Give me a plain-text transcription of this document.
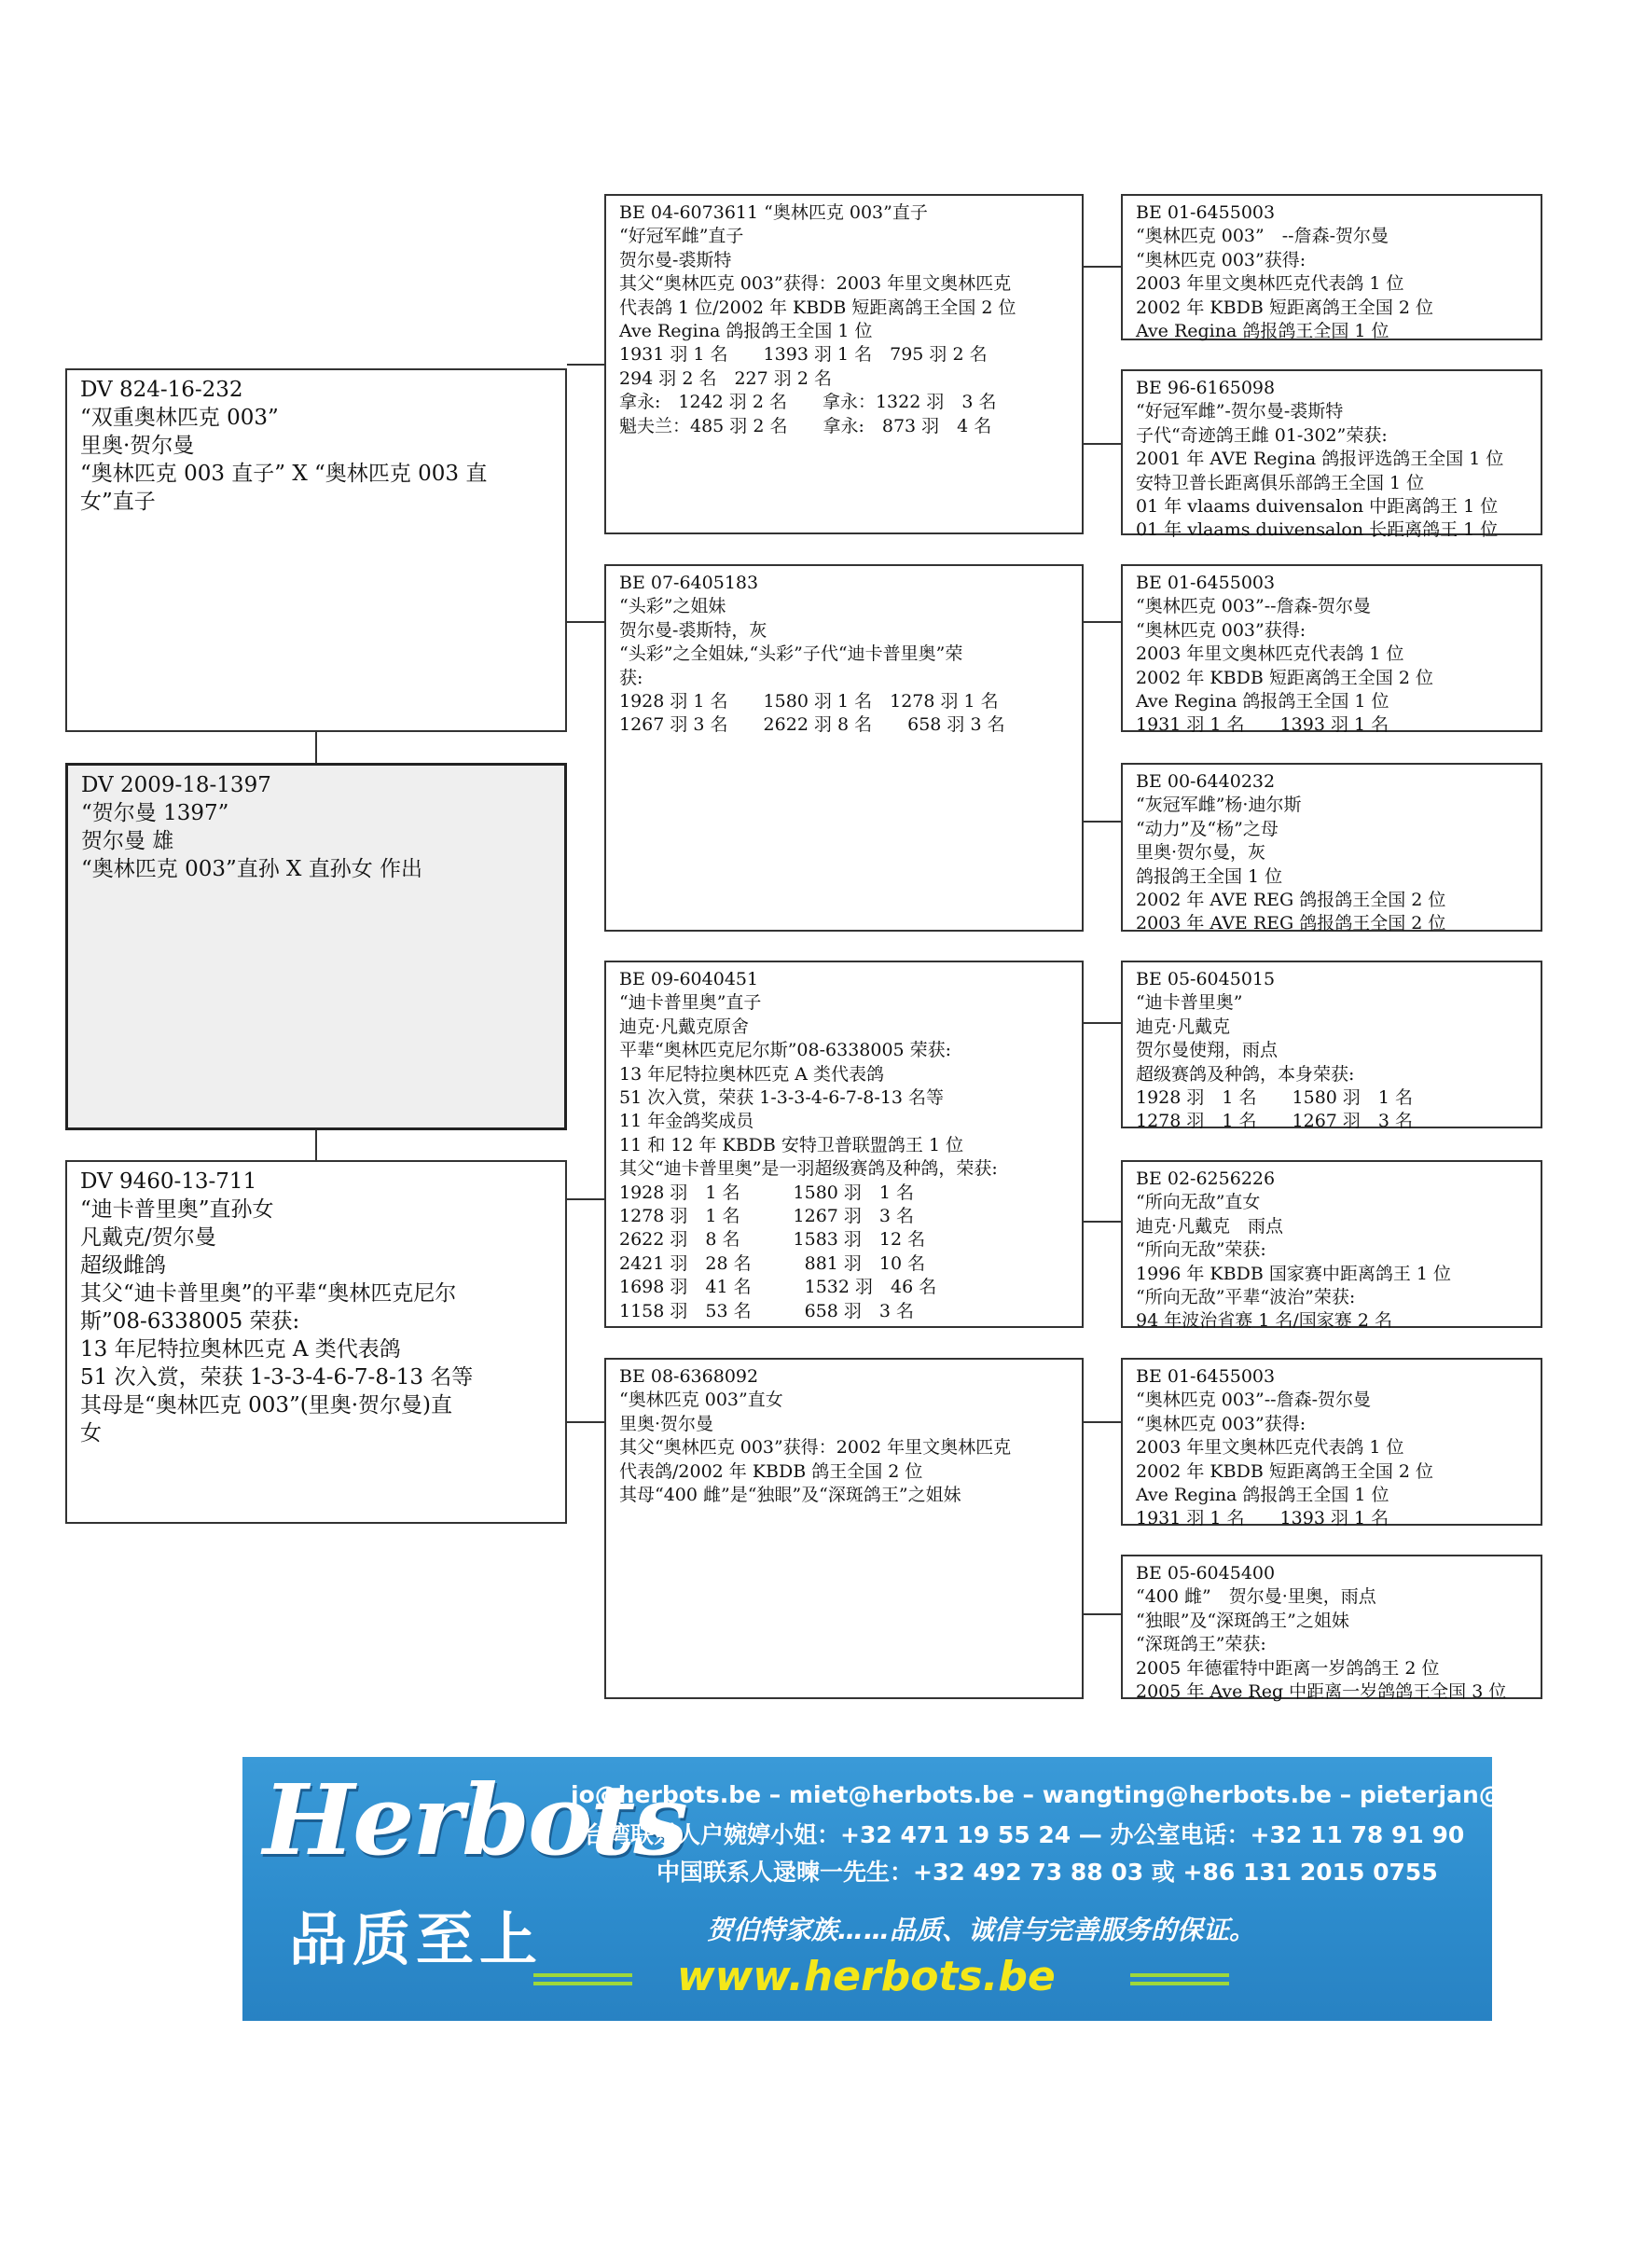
DV 824-16-232
“双重奥林匹克 003”
里奥·贺尔曼
“奥林匹克 003 直子” X “奥林匹克 003 直
女”直子
DV 2009-18-1397
“贺尔曼 1397”
贺尔曼 雄
“奥林匹克 003”直孙 X 直孙女 作出
DV 9460-13-711
“迪卡普里奥”直孙女
凡戴克/贺尔曼
超级雌鸽
其父“迪卡普里奥”的平辈“奥林匹克尼尔
斯”08-6338005 荣获:
13 年尼特拉奥林匹克 A 类代表鸽
51 次入赏，荣获 1-3-3-4-6-7-8-13 名等
其母是“奥林匹克 003”(里奥·贺尔曼)直
女
BE 04-6073611 “奥林匹克 003”直子
“好冠军雌”直子
贺尔曼-裘斯特
其父“奥林匹克 003”获得：2003 年里文奥林匹克
代表鸽 1 位/2002 年 KBDB 短距离鸽王全国 2 位
Ave Regina 鸽报鸽王全国 1 位
1931 羽 1 名　　1393 羽 1 名　795 羽 2 名
294 羽 2 名　227 羽 2 名
拿永:　1242 羽 2 名　　拿永：1322 羽　3 名
魁夫兰：485 羽 2 名　　拿永:　873 羽　4 名
BE 07-6405183
“头彩”之姐妹
贺尔曼-裘斯特，灰
“头彩”之全姐妹,“头彩”子代“迪卡普里奥”荣
获:
1928 羽 1 名　　1580 羽 1 名　1278 羽 1 名
1267 羽 3 名　　2622 羽 8 名　　658 羽 3 名
BE 09-6040451
“迪卡普里奥”直子
迪克·凡戴克原舍
平辈“奥林匹克尼尔斯”08-6338005 荣获:
13 年尼特拉奥林匹克 A 类代表鸽
51 次入赏，荣获 1-3-3-4-6-7-8-13 名等
11 年金鸽奖成员
11 和 12 年 KBDB 安特卫普联盟鸽王 1 位
其父“迪卡普里奥”是一羽超级赛鸽及种鸽，荣获:
1928 羽　1 名　　　1580 羽　1 名
1278 羽　1 名　　　1267 羽　3 名
2622 羽　8 名　　　1583 羽　12 名
2421 羽　28 名　　　881 羽　10 名
1698 羽　41 名　　　1532 羽　46 名
1158 羽　53 名　　　658 羽　3 名
BE 08-6368092
“奥林匹克 003”直女
里奥·贺尔曼
其父“奥林匹克 003”获得：2002 年里文奥林匹克
代表鸽/2002 年 KBDB 鸽王全国 2 位
其母“400 雌”是“独眼”及“深斑鸽王”之姐妹
BE 01-6455003
“奥林匹克 003”　--詹森-贺尔曼
“奥林匹克 003”获得:
2003 年里文奥林匹克代表鸽 1 位
2002 年 KBDB 短距离鸽王全国 2 位
Ave Regina 鸽报鸽王全国 1 位
BE 96-6165098
“好冠军雌”-贺尔曼-裘斯特
子代“奇迹鸽王雌 01-302”荣获:
2001 年 AVE Regina 鸽报评选鸽王全国 1 位
安特卫普长距离俱乐部鸽王全国 1 位
01 年 vlaams duivensalon 中距离鸽王 1 位
01 年 vlaams duivensalon 长距离鸽王 1 位
BE 01-6455003
“奥林匹克 003”--詹森-贺尔曼
“奥林匹克 003”获得:
2003 年里文奥林匹克代表鸽 1 位
2002 年 KBDB 短距离鸽王全国 2 位
Ave Regina 鸽报鸽王全国 1 位
1931 羽 1 名　　1393 羽 1 名
BE 00-6440232
“灰冠军雌”杨·迪尔斯
“动力”及“杨”之母
里奥·贺尔曼，灰
鸽报鸽王全国 1 位
2002 年 AVE REG 鸽报鸽王全国 2 位
2003 年 AVE REG 鸽报鸽王全国 2 位
BE 05-6045015
“迪卡普里奥”
迪克·凡戴克
贺尔曼使翔，雨点
超级赛鸽及种鸽，本身荣获:
1928 羽　1 名　　1580 羽　1 名
1278 羽　1 名　　1267 羽　3 名
BE 02-6256226
“所向无敌”直女
迪克·凡戴克　雨点
“所向无敌”荣获:
1996 年 KBDB 国家赛中距离鸽王 1 位
“所向无敌”平辈“波治”荣获:
94 年波治省赛 1 名/国家赛 2 名
BE 01-6455003
“奥林匹克 003”--詹森-贺尔曼
“奥林匹克 003”获得:
2003 年里文奥林匹克代表鸽 1 位
2002 年 KBDB 短距离鸽王全国 2 位
Ave Regina 鸽报鸽王全国 1 位
1931 羽 1 名　　1393 羽 1 名
BE 05-6045400
“400 雌”　贺尔曼·里奥，雨点
“独眼”及“深斑鸽王”之姐妹
“深斑鸽王”荣获:
2005 年德霍特中距离一岁鸽鸽王 2 位
2005 年 Ave Reg 中距离一岁鸽鸽王全国 3 位
Herbots
品质至上
jo@herbots.be – miet@herbots.be – wangting@herbots.be – pieterjan@herbots.be
台湾联系人户婉婷小姐：+32 471 19 55 24 — 办公室电话：+32 11 78 91 90
中国联系人逯暕一先生：+32 492 73 88 03 或 +86 131 2015 0755
贺伯特家族……品质、诚信与完善服务的保证。
www.herbots.be
